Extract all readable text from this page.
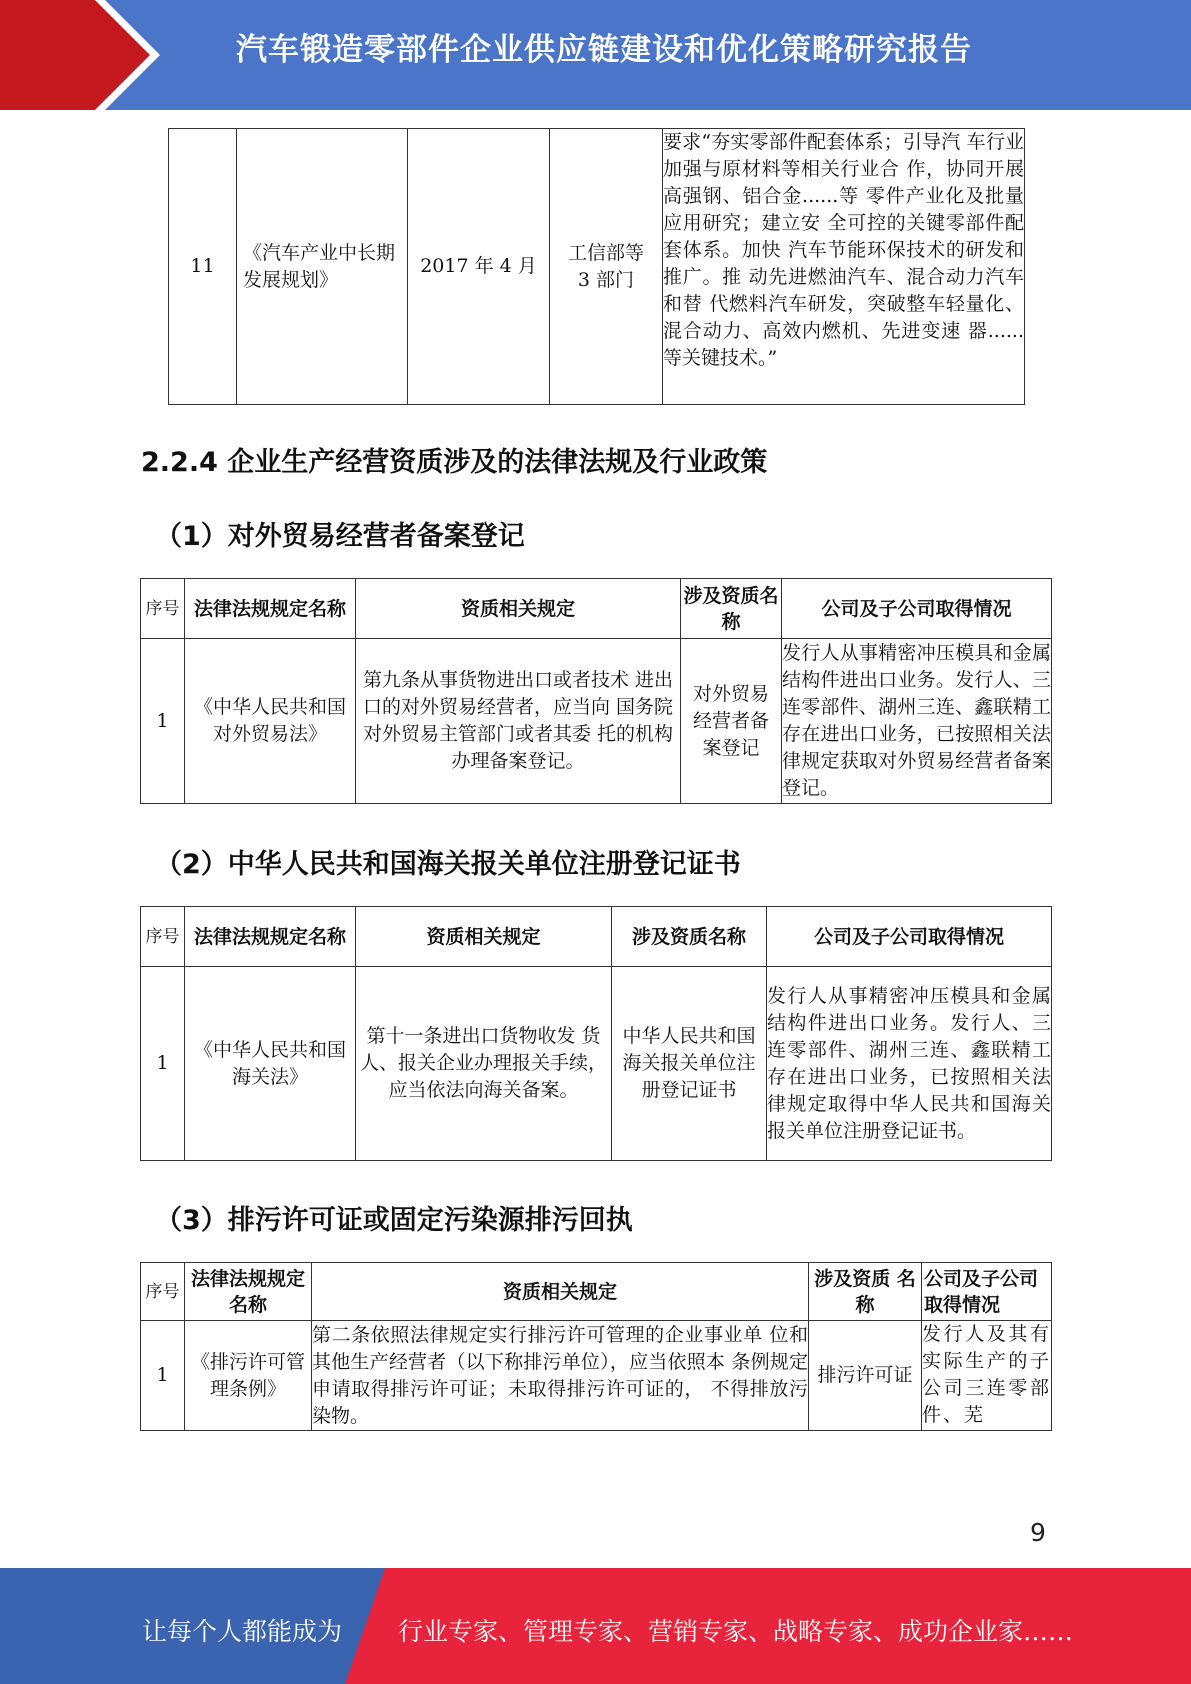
汽车锻造零部件企业供应链建设和优化策略研究报告
11	《汽车产业中长期发展规划》	2017 年 4 月	工信部等 3 部门	要求“夯实零部件配套体系；引导汽 车行业加强与原材料等相关行业合 作，协同开展高强钢、铝合金......等 零件产业化及批量应用研究；建立安 全可控的关键零部件配套体系。加快 汽车节能环保技术的研发和推广。推 动先进燃油汽车、混合动力汽车和替 代燃料汽车研发，突破整车轻量化、 混合动力、高效内燃机、先进变速 器......等关键技术。”
2.2.4 企业生产经营资质涉及的法律法规及行业政策
（1）对外贸易经营者备案登记
序号	法律法规规定名称	资质相关规定	涉及资质名称	公司及子公司取得情况
1	《中华人民共和国对外贸易法》	第九条从事货物进出口或者技术 进出口的对外贸易经营者，应当向 国务院对外贸易主管部门或者其委 托的机构办理备案登记。	对外贸易经营者备案登记	发行人从事精密冲压模具和金属结构件进出口业务。发行人、三连零部件、湖州三连、鑫联精工存在进出口业务，已按照相关法律规定获取对外贸易经营者备案登记。
（2）中华人民共和国海关报关单位注册登记证书
序号	法律法规规定名称	资质相关规定	涉及资质名称	公司及子公司取得情况
1	《中华人民共和国海关法》	第十一条进出口货物收发 货人、报关企业办理报关手续，应当依法向海关备案。	中华人民共和国海关报关单位注册登记证书	发行人从事精密冲压模具和金属结构件进出口业务。发行人、三连零部件、湖州三连、鑫联精工存在进出口业务，已按照相关法律规定取得中华人民共和国海关报关单位注册登记证书。
（3）排污许可证或固定污染源排污回执
序号	法律法规规定名称	资质相关规定	涉及资质 名称	公司及子公司取得情况
1	《排污许可管理条例》	第二条依照法律规定实行排污许可管理的企业事业单 位和其他生产经营者（以下称排污单位），应当依照本 条例规定申请取得排污许可证；未取得排污许可证的， 不得排放污染物。	排污许可证	发行人及其有实际生产的子公司三连零部件、芜
9
让每个人都能成为 行业专家、管理专家、营销专家、战略专家、成功企业家……
